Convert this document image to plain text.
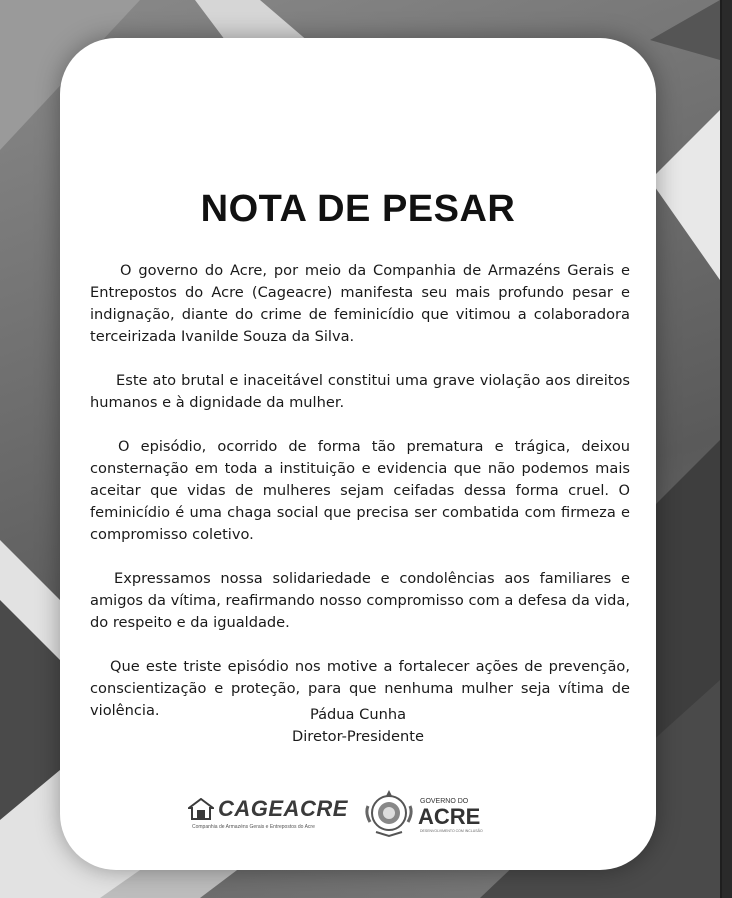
NOTA DE PESAR

O governo do Acre, por meio da Companhia de Armazéns Gerais e Entrepostos do Acre (Cageacre) manifesta seu mais profundo pesar e indignação, diante do crime de feminicídio que vitimou a colaboradora terceirizada Ivanilde Souza da Silva.

Este ato brutal e inaceitável constitui uma grave violação aos direitos humanos e à dignidade da mulher.

O episódio, ocorrido de forma tão prematura e trágica, deixou consternação em toda a instituição e evidencia que não podemos mais aceitar que vidas de mulheres sejam ceifadas dessa forma cruel. O feminicídio é uma chaga social que precisa ser combatida com firmeza e compromisso coletivo.

Expressamos nossa solidariedade e condolências aos familiares e amigos da vítima, reafirmando nosso compromisso com a defesa da vida, do respeito e da igualdade.

Que este triste episódio nos motive a fortalecer ações de prevenção, conscientização e proteção, para que nenhuma mulher seja vítima de violência.	Pádua Cunha
Diretor-Presidente
CAGEACRE
Companhia de Armazéns Gerais e Entrepostos do Acre
GOVERNO DO
ACRE
DESENVOLVIMENTO COM INCLUSÃO
